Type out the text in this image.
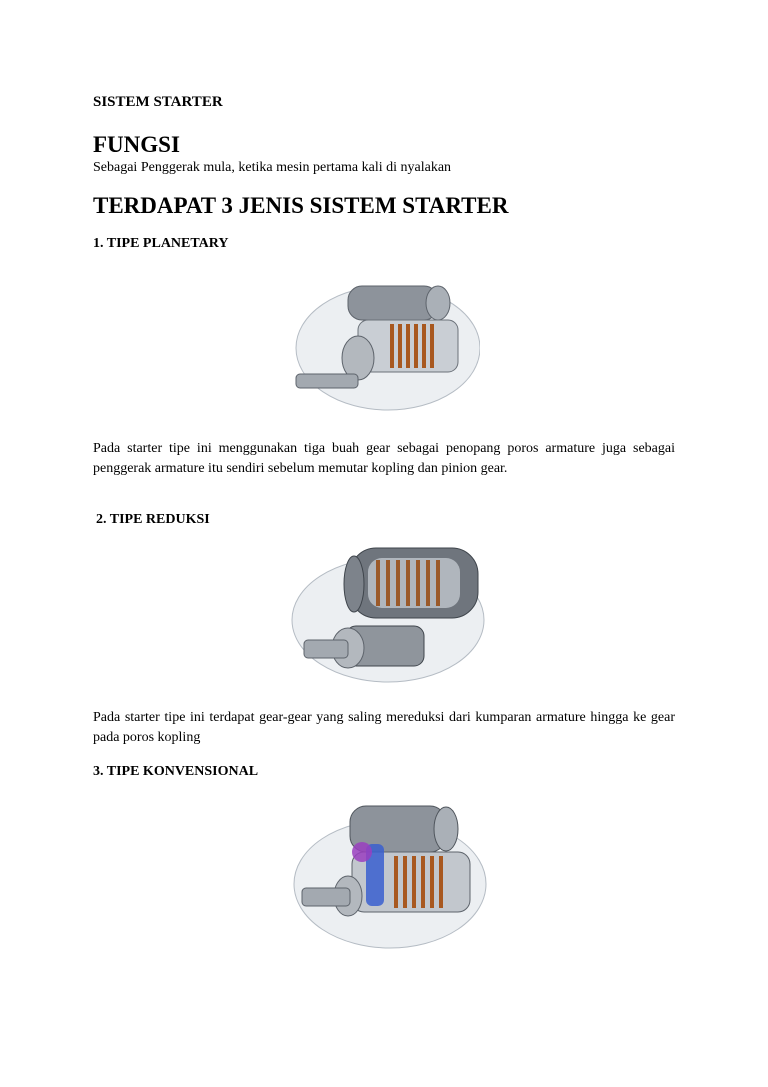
SISTEM STARTER
FUNGSI
Sebagai Penggerak mula, ketika mesin pertama kali di nyalakan
TERDAPAT 3 JENIS SISTEM STARTER
1. TIPE PLANETARY
Pada starter tipe ini menggunakan tiga buah gear sebagai penopang poros armature juga sebagai penggerak armature itu sendiri sebelum memutar kopling dan pinion gear.
2. TIPE REDUKSI
Pada starter tipe ini terdapat gear-gear yang saling mereduksi dari kumparan armature hingga ke gear pada poros kopling
3. TIPE KONVENSIONAL
